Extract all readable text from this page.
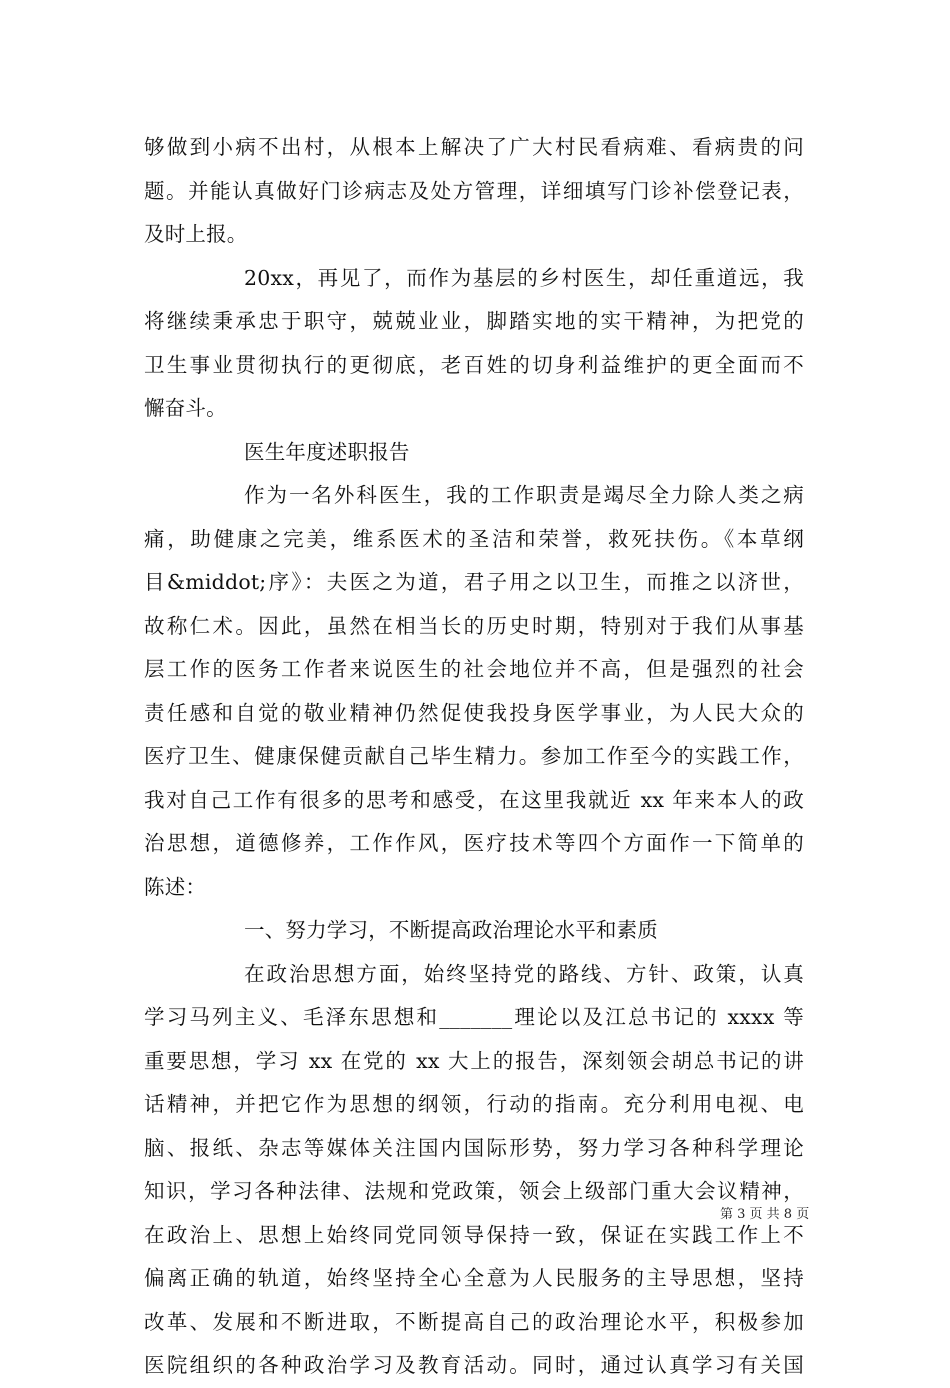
够做到小病不出村，从根本上解决了广大村民看病难、看病贵的问
题。并能认真做好门诊病志及处方管理，详细填写门诊补偿登记表，
及时上报。
20xx，再见了，而作为基层的乡村医生，却任重道远，我
将继续秉承忠于职守，兢兢业业，脚踏实地的实干精神，为把党的
卫生事业贯彻执行的更彻底，老百姓的切身利益维护的更全面而不
懈奋斗。
医生年度述职报告
作为一名外科医生，我的工作职责是竭尽全力除人类之病
痛，助健康之完美，维系医术的圣洁和荣誉，救死扶伤。《本草纲
目&middot;序》：夫医之为道，君子用之以卫生，而推之以济世，
故称仁术。因此，虽然在相当长的历史时期，特别对于我们从事基
层工作的医务工作者来说医生的社会地位并不高，但是强烈的社会
责任感和自觉的敬业精神仍然促使我投身医学事业，为人民大众的
医疗卫生、健康保健贡献自己毕生精力。参加工作至今的实践工作，
我对自己工作有很多的思考和感受，在这里我就近 xx 年来本人的政
治思想，道德修养，工作作风，医疗技术等四个方面作一下简单的
陈述：
一、努力学习，不断提高政治理论水平和素质
在政治思想方面，始终坚持党的路线、方针、政策，认真
学习马列主义、毛泽东思想和_______理论以及江总书记的 xxxx 等
重要思想，学习 xx 在党的 xx 大上的报告，深刻领会胡总书记的讲
话精神，并把它作为思想的纲领，行动的指南。充分利用电视、电
脑、报纸、杂志等媒体关注国内国际形势，努力学习各种科学理论
知识，学习各种法律、法规和党政策，领会上级部门重大会议精神，
在政治上、思想上始终同党同领导保持一致，保证在实践工作上不
偏离正确的轨道，始终坚持全心全意为人民服务的主导思想，坚持
改革、发展和不断进取，不断提高自己的政治理论水平，积极参加
医院组织的各种政治学习及教育活动。同时，通过认真学习有关国
第 3 页 共 8 页
